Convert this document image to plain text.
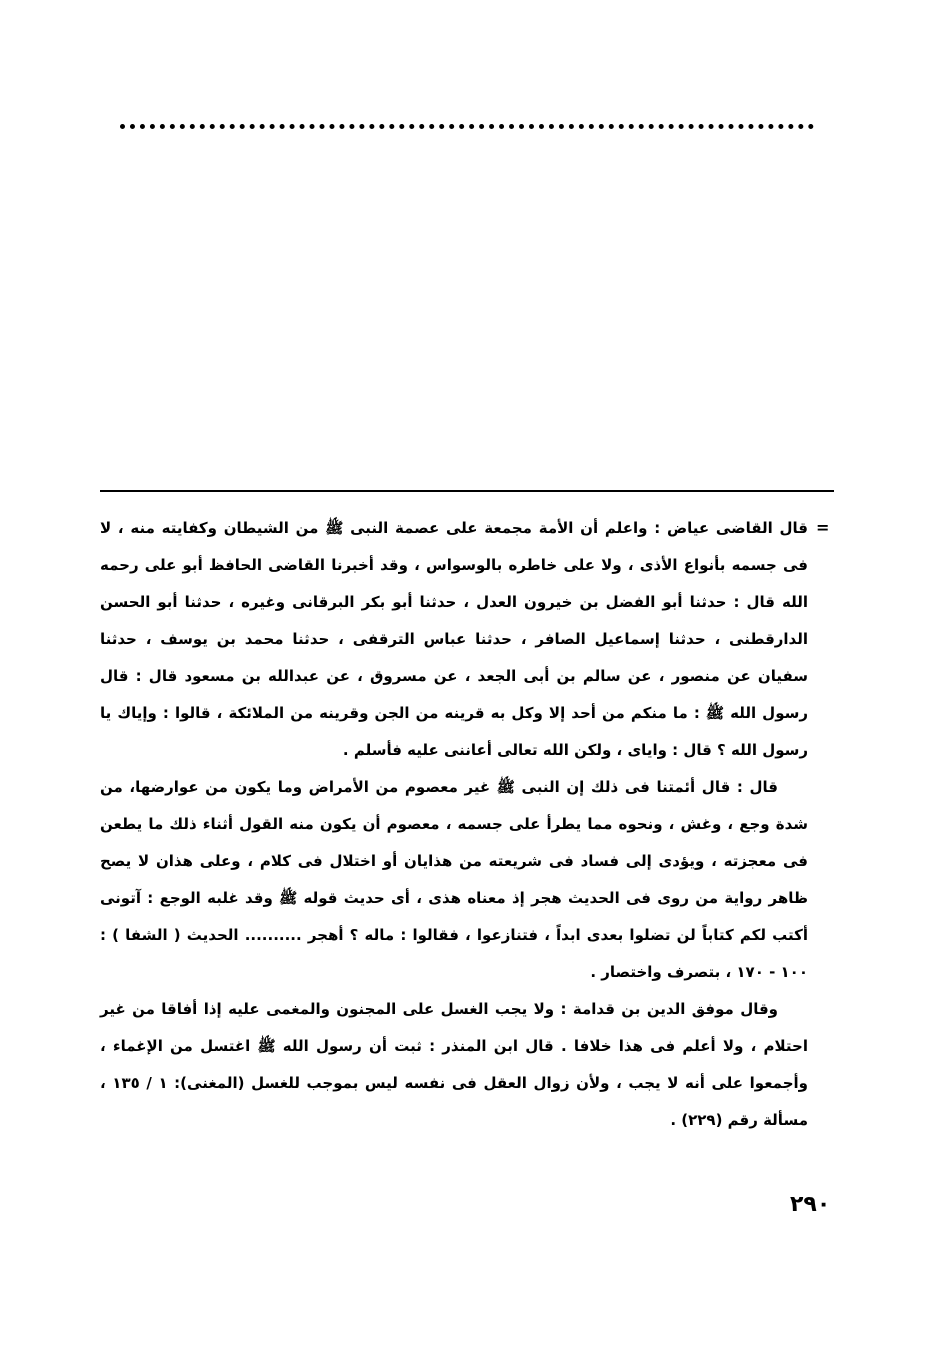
=

قال القاضى عياض : واعلم أن الأمة مجمعة على عصمة النبى ﷺ من الشيطان وكفايته منه ، لا فى جسمه بأنواع الأذى ، ولا على خاطره بالوسواس ، وقد أخبرنا القاضى الحافظ أبو على رحمه الله قال : حدثنا أبو الفضل بن خيرون العدل ، حدثنا أبو بكر البرقانى وغيره ، حدثنا أبو الحسن الدارقطنى ، حدثنا إسماعيل الصافر ، حدثنا عباس الترقفى ، حدثنا محمد بن يوسف ، حدثنا سفيان عن منصور ، عن سالم بن أبى الجعد ، عن مسروق ، عن عبدالله بن مسعود قال : قال رسول الله ﷺ : ما منكم من أحد إلا وكل به قرينه من الجن وقرينه من الملائكة ، قالوا : وإياك يا رسول الله ؟ قال : واياى ، ولكن الله تعالى أعاننى عليه فأسلم .

قال : قال أئمتنا فى ذلك إن النبى ﷺ غير معصوم من الأمراض وما يكون من عوارضها، من شدة وجع ، وغش ، ونحوه مما يطرأ على جسمه ، معصوم أن يكون منه القول أثناء ذلك ما يطعن فى معجزته ، ويؤدى إلى فساد فى شريعته من هذايان أو اختلال فى كلام ، وعلى هذان لا يصح ظاهر رواية من روى فى الحديث هجر إذ معناه هذى ، أى حديث قوله ﷺ وقد غلبه الوجع : آتونى أكتب لكم كتاباً لن تضلوا بعدى ابداً ، فتنازعوا ، فقالوا : ماله ؟ أهجر .......... الحديث ( الشفا ) : ١٠٠ - ١٧٠ ، بتصرف واختصار .

وقال موفق الدين بن قدامة : ولا يجب الغسل على المجنون والمغمى عليه إذا أفاقا من غير احتلام ، ولا أعلم فى هذا خلافا . قال ابن المنذر : ثبت أن رسول الله ﷺ اغتسل من الإغماء ، وأجمعوا على أنه لا يجب ، ولأن زوال العقل فى نفسه ليس بموجب للغسل (المغنى): ١ / ١٣٥ ، مسألة رقم (٢٢٩) .

٢٩٠
